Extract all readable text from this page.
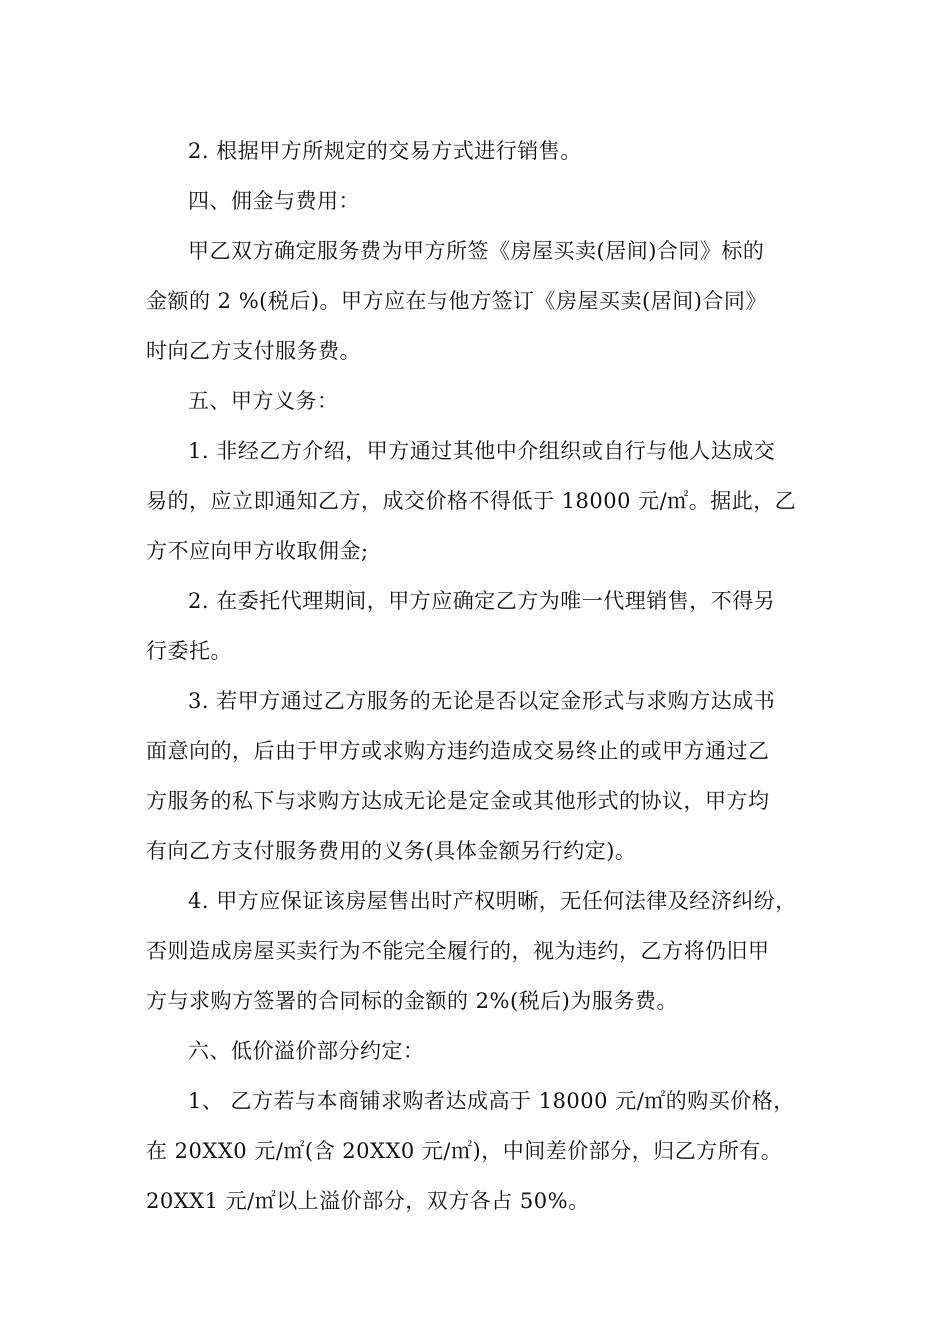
2. 根据甲方所规定的交易方式进行销售。
四、佣金与费用：
甲乙双方确定服务费为甲方所签《房屋买卖(居间)合同》标的
金额的 2 %(税后)。甲方应在与他方签订《房屋买卖(居间)合同》
时向乙方支付服务费。
五、甲方义务：
1. 非经乙方介绍，甲方通过其他中介组织或自行与他人达成交
易的，应立即通知乙方，成交价格不得低于 18000 元/㎡。据此，乙
方不应向甲方收取佣金;
2. 在委托代理期间，甲方应确定乙方为唯一代理销售，不得另
行委托。
3. 若甲方通过乙方服务的无论是否以定金形式与求购方达成书
面意向的，后由于甲方或求购方违约造成交易终止的或甲方通过乙
方服务的私下与求购方达成无论是定金或其他形式的协议，甲方均
有向乙方支付服务费用的义务(具体金额另行约定)。
4. 甲方应保证该房屋售出时产权明晰，无任何法律及经济纠纷，
否则造成房屋买卖行为不能完全履行的，视为违约，乙方将仍旧甲
方与求购方签署的合同标的金额的 2%(税后)为服务费。
六、低价溢价部分约定：
1、 乙方若与本商铺求购者达成高于 18000 元/㎡的购买价格，
在 20XX0 元/㎡(含 20XX0 元/㎡)，中间差价部分，归乙方所有。
20XX1 元/㎡以上溢价部分，双方各占 50%。
